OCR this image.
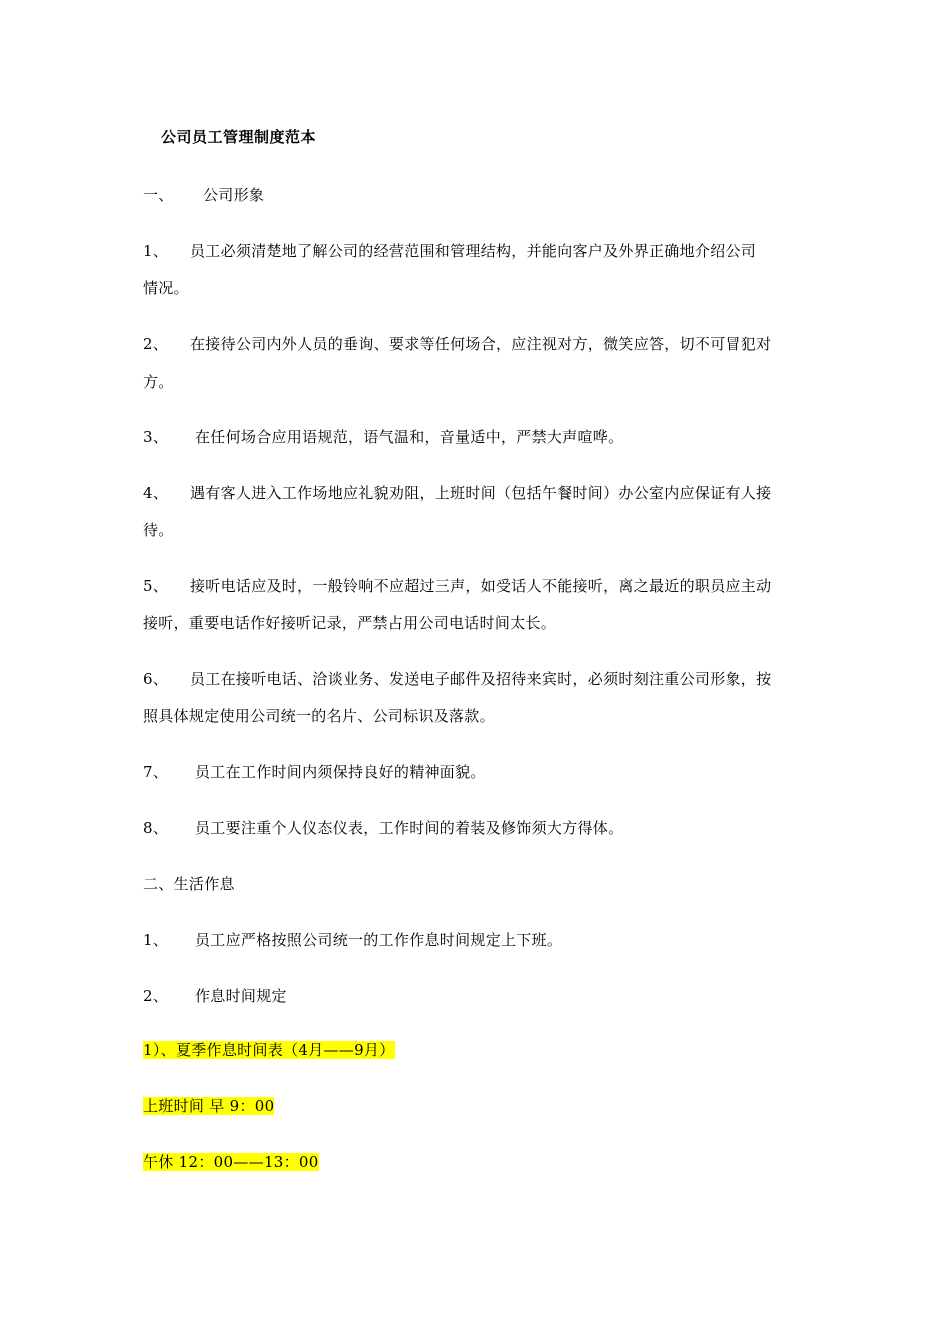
公司员工管理制度范本
一、 公司形象
1、 员工必须清楚地了解公司的经营范围和管理结构，并能向客户及外界正确地介绍公司
情况。
2、 在接待公司内外人员的垂询、要求等任何场合，应注视对方，微笑应答，切不可冒犯对
方。
3、 在任何场合应用语规范，语气温和，音量适中，严禁大声喧哗。
4、 遇有客人进入工作场地应礼貌劝阻，上班时间（包括午餐时间）办公室内应保证有人接
待。
5、 接听电话应及时，一般铃响不应超过三声，如受话人不能接听，离之最近的职员应主动
接听，重要电话作好接听记录，严禁占用公司电话时间太长。
6、 员工在接听电话、洽谈业务、发送电子邮件及招待来宾时，必须时刻注重公司形象，按
照具体规定使用公司统一的名片、公司标识及落款。
7、 员工在工作时间内须保持良好的精神面貌。
8、 员工要注重个人仪态仪表，工作时间的着装及修饰须大方得体。
二、生活作息
1、 员工应严格按照公司统一的工作作息时间规定上下班。
2、 作息时间规定
1）、夏季作息时间表（4月——9月）
上班时间 早 9：00
午休 12：00——13：00
